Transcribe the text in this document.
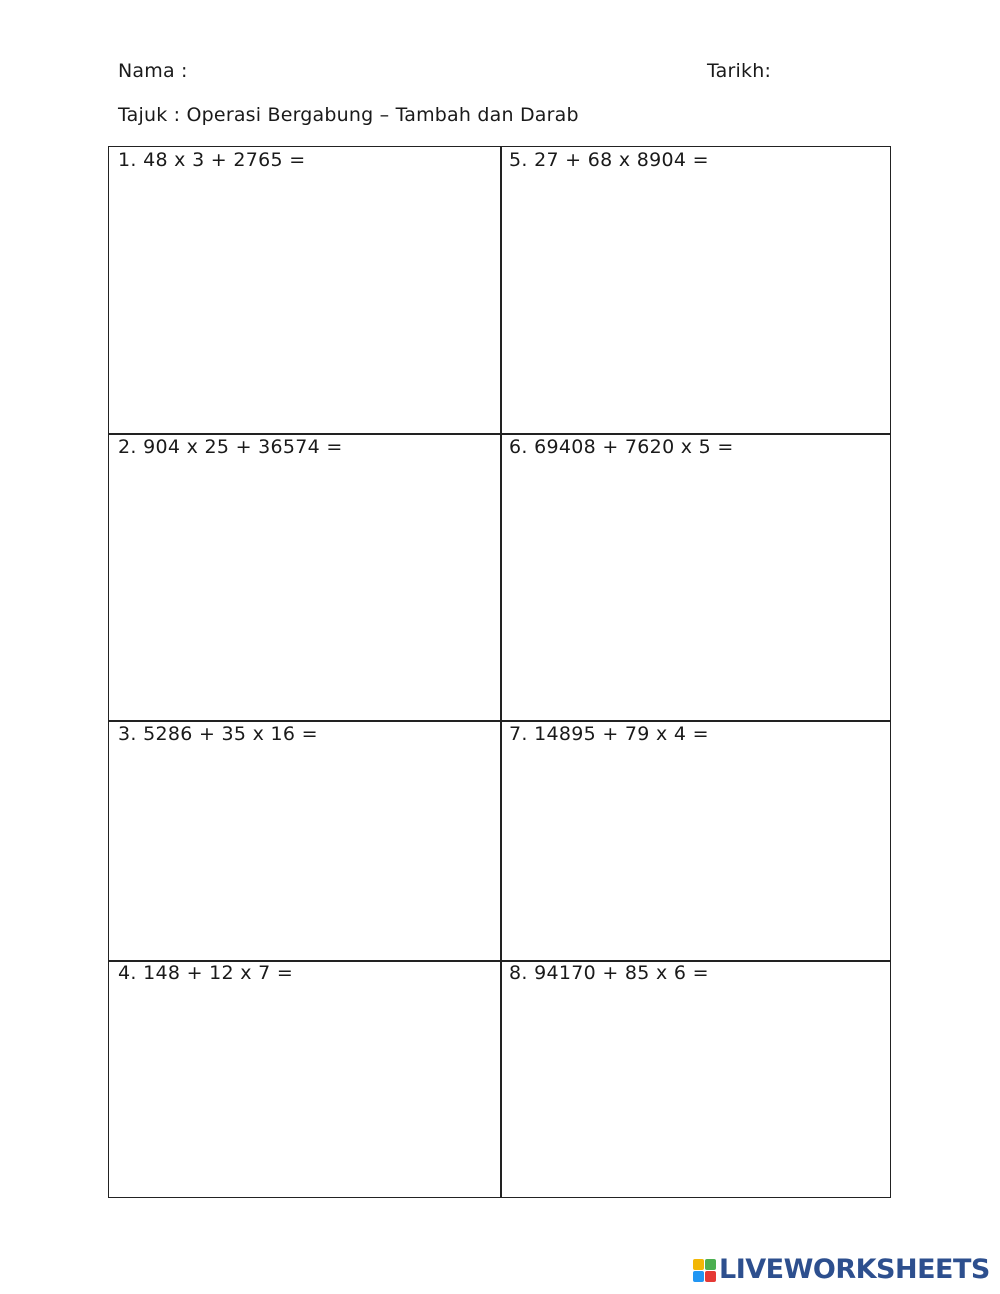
Nama :	Tarikh:
Tajuk : Operasi Bergabung – Tambah dan Darab
1. 48 x 3 + 2765 =
2. 904 x 25 + 36574 =
3. 5286 + 35 x 16 =
4. 148 + 12 x 7 =
5. 27 + 68 x 8904 =
6. 69408 + 7620 x 5 =
7. 14895 + 79 x 4 =
8. 94170 + 85 x 6 =
LIVEWORKSHEETS
